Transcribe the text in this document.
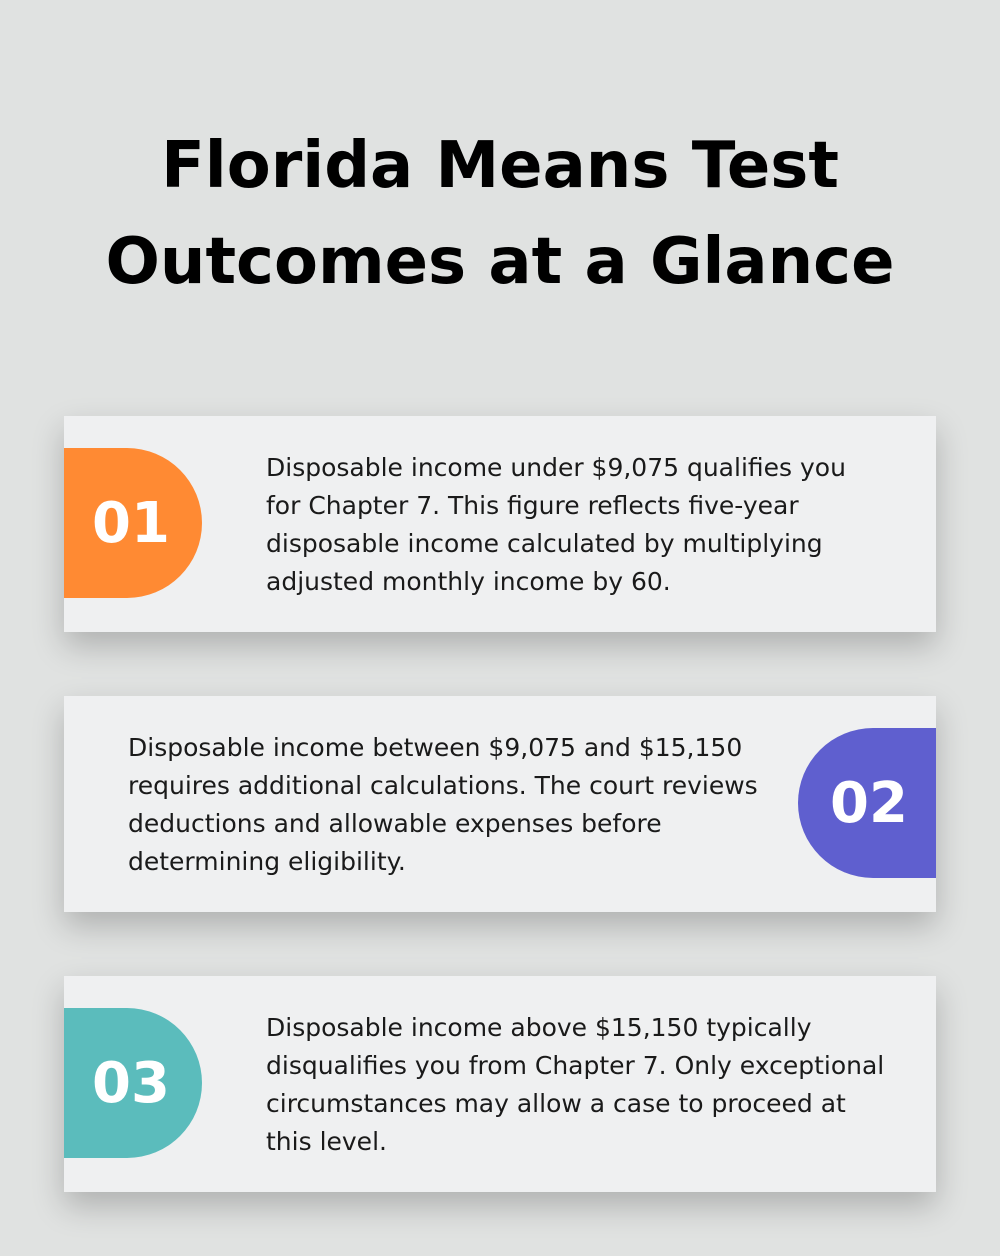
Florida Means Test Outcomes at a Glance
01

Disposable income under $9,075 qualifies you for Chapter 7. This figure reflects five-year disposable income calculated by multiplying adjusted monthly income by 60.

Disposable income between $9,075 and $15,150 requires additional calculations. The court reviews deductions and allowable expenses before determining eligibility.

02
03

Disposable income above $15,150 typically disqualifies you from Chapter 7. Only exceptional circumstances may allow a case to proceed at this level.
